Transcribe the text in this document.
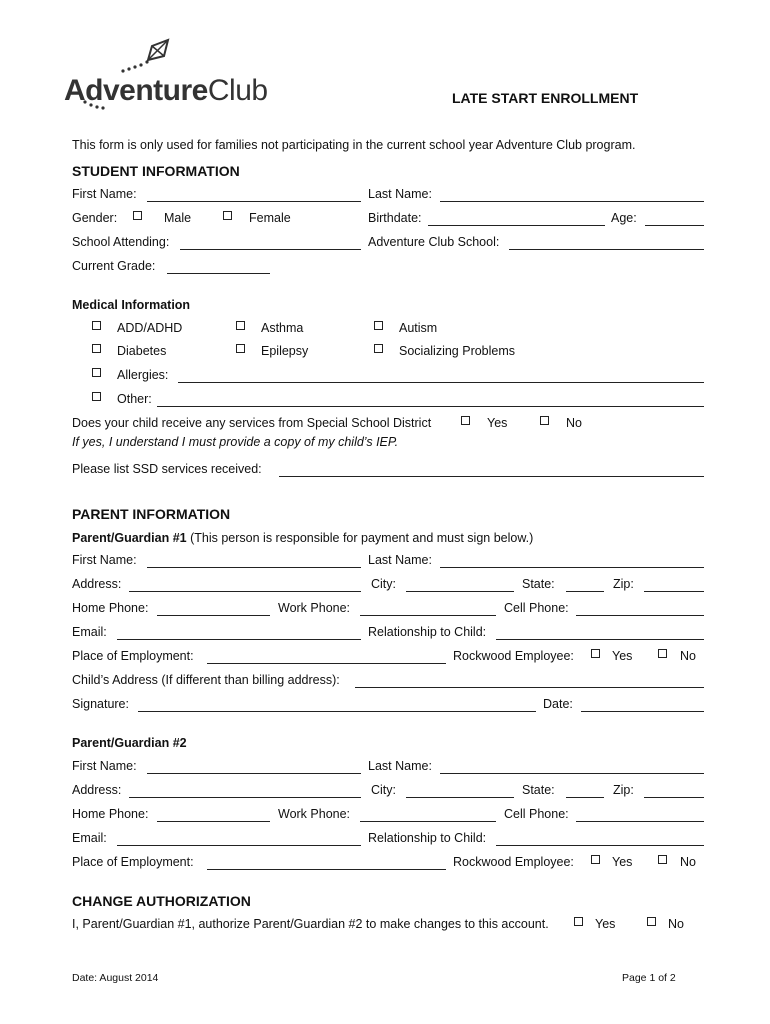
AdventureClub	LATE START ENROLLMENT
This form is only used for families not participating in the current school year Adventure Club program.
STUDENT INFORMATION
First Name:	Last Name:
Gender:	Male	Female	Birthdate:	Age:
School Attending:	Adventure Club School:
Current Grade:
Medical Information
ADD/ADHD	Asthma	Autism
Diabetes	Epilepsy	Socializing Problems
Allergies:
Other:
Does your child receive any services from Special School District	Yes	No
If yes, I understand I must provide a copy of my child’s IEP.
Please list SSD services received:
PARENT INFORMATION
Parent/Guardian #1 (This person is responsible for payment and must sign below.)
First Name:	Last Name:
Address:	City:	State:	Zip:
Home Phone:	Work Phone:	Cell Phone:
Email:	Relationship to Child:
Place of Employment:	Rockwood Employee:	Yes	No
Child’s Address (If different than billing address):
Signature:	Date:
Parent/Guardian #2
First Name:	Last Name:
Address:	City:	State:	Zip:
Home Phone:	Work Phone:	Cell Phone:
Email:	Relationship to Child:
Place of Employment:	Rockwood Employee:	Yes	No
CHANGE AUTHORIZATION
I, Parent/Guardian #1, authorize Parent/Guardian #2 to make changes to this account.	Yes	No
Date: August 2014	Page 1 of 2
